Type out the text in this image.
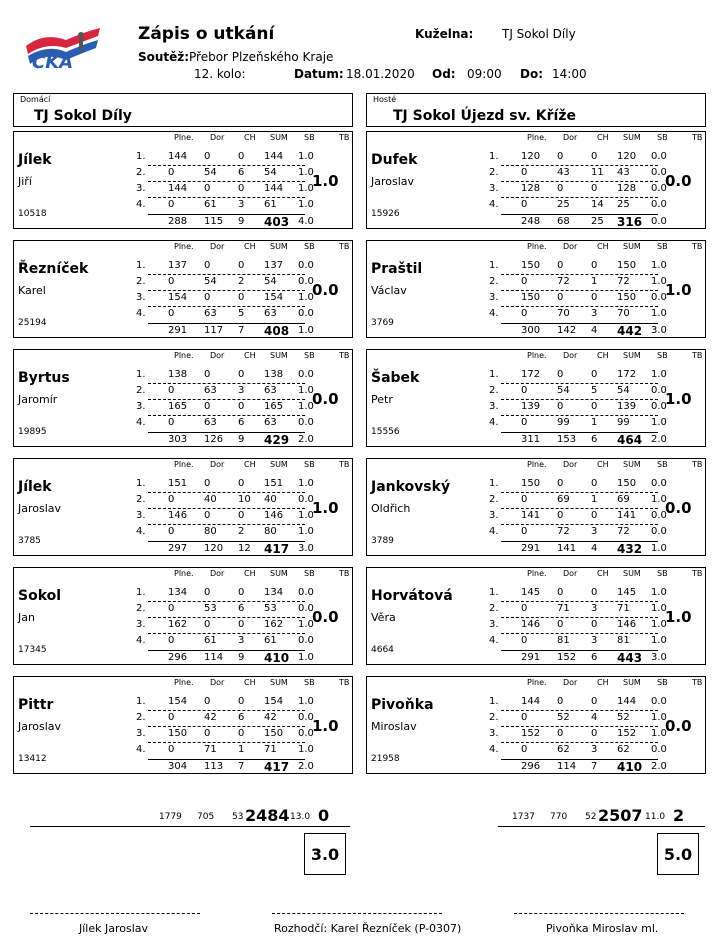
ČKA
Zápis o utkání	Kuželna: TJ Sokol Díly
Soutěž: Přebor Plzeňského Kraje
12. kolo:	Datum: 18.01.2020 Od: 09:00 Do: 14:00
Domácí
TJ Sokol Díly
Hosté
TJ Sokol Újezd sv. Kříže
Plne. Dor CH SUM SB	TB
Jílek
Jiří
10518
1.0
1. 144 0	0 144 1.0
2. 0	54 6 54 1.0
3. 144 0	0 144 1.0
4. 0	61 3 61 1.0
288 115 9 403 4.0
Plne. Dor CH SUM SB	TB
Řezníček
Karel
25194
0.0
1. 137 0	0 137 0.0
2. 0	54 2 54 0.0
3. 154 0	0 154 1.0
4. 0	63 5 63 0.0
291 117 7 408 1.0
Plne. Dor CH SUM SB	TB
Byrtus
Jaromír
19895
0.0
1. 138 0	0 138 0.0
2. 0	63 3 63 1.0
3. 165 0	0 165 1.0
4. 0	63 6 63 0.0
303 126 9 429 2.0
Plne. Dor CH SUM SB	TB
Jílek
Jaroslav
3785
1.0
1. 151 0	0 151 1.0
2. 0	40 10 40 0.0
3. 146 0	0 146 1.0
4. 0	80 2 80 1.0
297 120 12 417 3.0
Plne. Dor CH SUM SB	TB
Sokol
Jan
17345
0.0
1. 134 0	0 134 0.0
2. 0	53 6 53 0.0
3. 162 0	0 162 1.0
4. 0	61 3 61 0.0
296 114 9 410 1.0
Plne. Dor CH SUM SB	TB
Pittr
Jaroslav
13412
1.0
1. 154 0	0 154 1.0
2. 0	42 6 42 0.0
3. 150 0	0 150 0.0
4. 0	71 1 71 1.0
304 113 7 417 2.0
Plne. Dor CH SUM SB	TB
Dufek
Jaroslav
15926
0.0
1. 120 0	0 120 0.0
2. 0	43 11 43 0.0
3. 128 0	0 128 0.0
4. 0	25 14 25 0.0
248 68 25 316 0.0
Plne. Dor CH SUM SB	TB
Praštil
Václav
3769
1.0
1. 150 0	0 150 1.0
2. 0	72 1 72 1.0
3. 150 0	0 150 0.0
4. 0	70 3 70 1.0
300 142 4 442 3.0
Plne. Dor CH SUM SB	TB
Šabek
Petr
15556
1.0
1. 172 0	0 172 1.0
2. 0	54 5 54 0.0
3. 139 0	0 139 0.0
4. 0	99 1 99 1.0
311 153 6 464 2.0
Plne. Dor CH SUM SB	TB
Jankovský
Oldřich
3789
0.0
1. 150 0	0 150 0.0
2. 0	69 1 69 1.0
3. 141 0	0 141 0.0
4. 0	72 3 72 0.0
291 141 4 432 1.0
Plne. Dor CH SUM SB	TB
Horvátová
Věra
4664
1.0
1. 145 0	0 145 1.0
2. 0	71 3 71 1.0
3. 146 0	0 146 1.0
4. 0	81 3 81 1.0
291 152 6 443 3.0
Plne. Dor CH SUM SB	TB
Pivoňka
Miroslav
21958
0.0
1. 144 0	0 144 0.0
2. 0	52 4 52 1.0
3. 152 0	0 152 1.0
4. 0	62 3 62 0.0
296 114 7 410 2.0
1779 705 53 2484 13.0 0
3.0
1737 770 52 2507 11.0 2
5.0
Jílek Jaroslav	Rozhodčí: Karel Řezníček (P-0307)	Pivoňka Miroslav ml.
